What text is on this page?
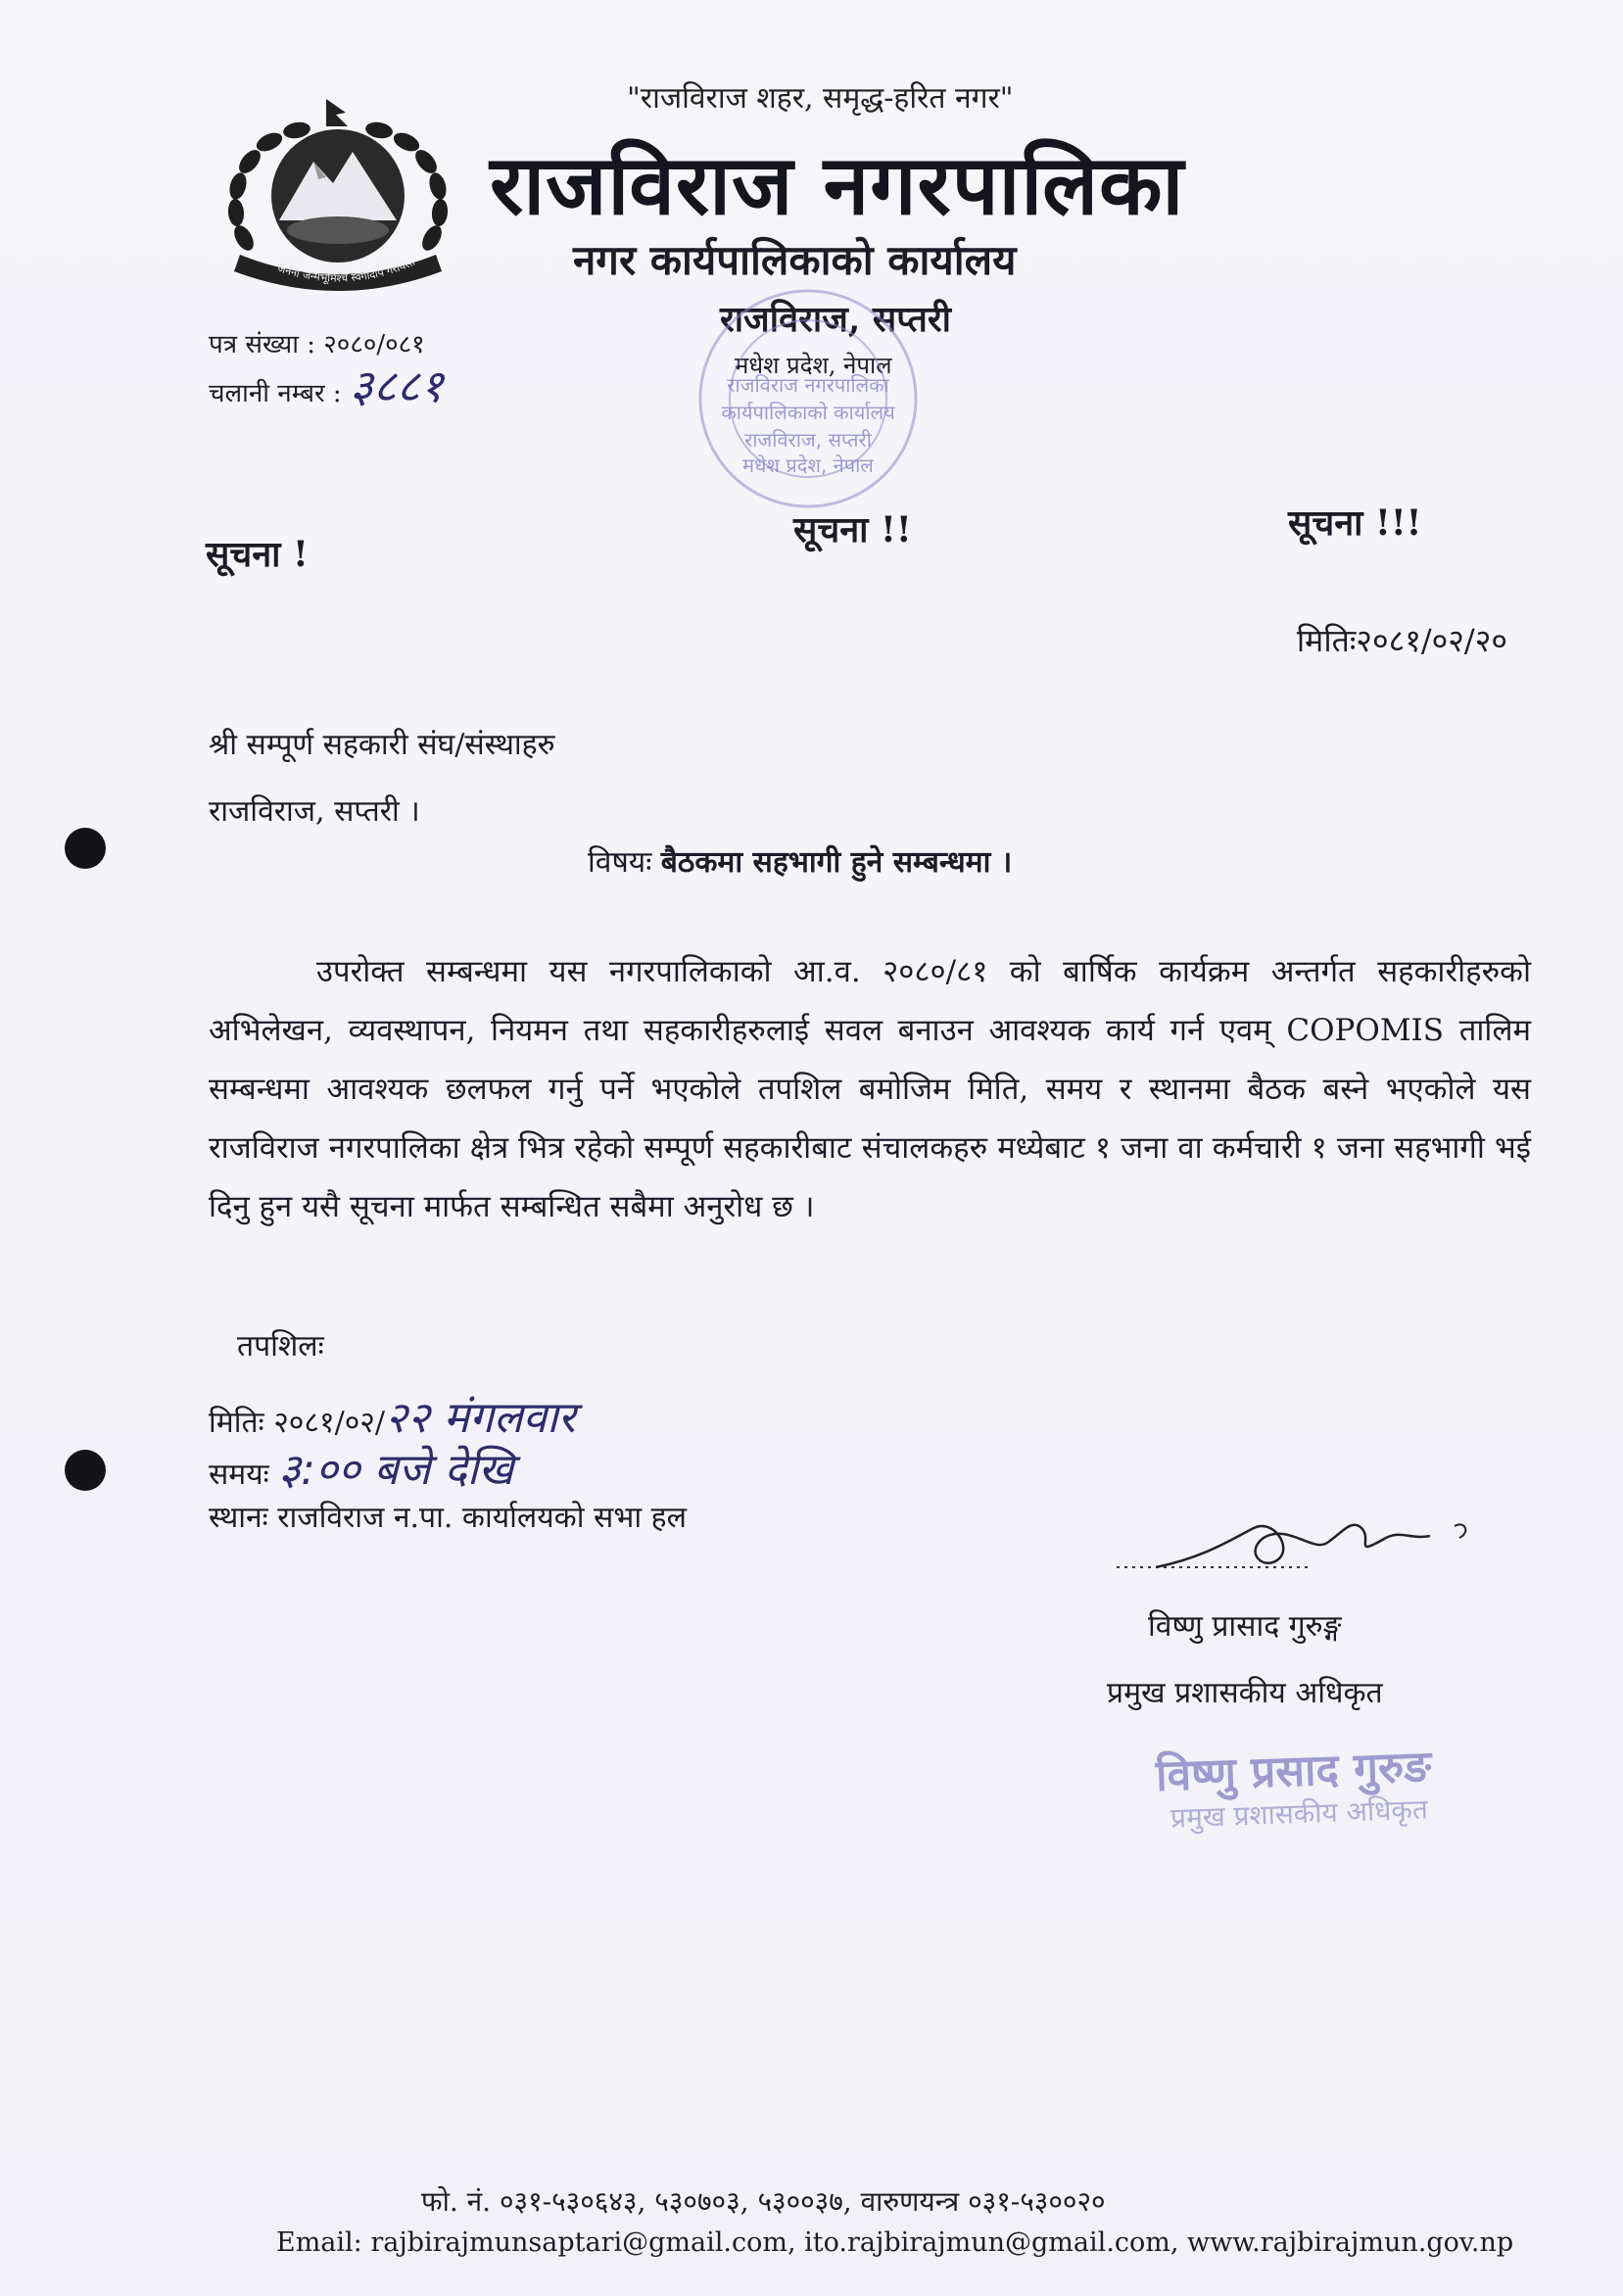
जननी जन्मभूमिश्च स्वर्गादपि गरीयसी
"राजविराज शहर, समृद्ध-हरित नगर"
राजविराज नगरपालिका
नगर कार्यपालिकाको कार्यालय
राजविराज, सप्तरी
मधेश प्रदेश, नेपाल
राजविराज नगरपालिका
कार्यपालिकाको कार्यालय
राजविराज, सप्तरी
मधेश प्रदेश, नेपाल
पत्र संख्या : २०८०/०८१
चलानी नम्बर : ३८८१
सूचना !
सूचना !!	सूचना !!!
मितिः२०८१/०२/२०
श्री सम्पूर्ण सहकारी संघ/संस्थाहरु
राजविराज, सप्तरी ।
विषयः बैठकमा सहभागी हुने सम्बन्धमा ।
उपरोक्त सम्बन्धमा यस नगरपालिकाको आ.व. २०८०/८१ को बार्षिक कार्यक्रम अन्तर्गत सहकारीहरुको अभिलेखन, व्यवस्थापन, नियमन तथा सहकारीहरुलाई सवल बनाउन आवश्यक कार्य गर्न एवम् COPOMIS तालिम सम्बन्धमा आवश्यक छलफल गर्नु पर्ने भएकोले तपशिल बमोजिम मिति, समय र स्थानमा बैठक बस्ने भएकोले यस राजविराज नगरपालिका क्षेत्र भित्र रहेको सम्पूर्ण सहकारीबाट संचालकहरु मध्येबाट १ जना वा कर्मचारी १ जना सहभागी भई दिनु हुन यसै सूचना मार्फत सम्बन्धित सबैमा अनुरोध छ ।
तपशिलः
मितिः २०८१/०२/२२ मंगलवार
समयः ३:०० बजे देखि
स्थानः राजविराज न.पा. कार्यालयको सभा हल
विष्णु प्रासाद गुरुङ्ग
प्रमुख प्रशासकीय अधिकृत
विष्णु प्रसाद गुरुङ
प्रमुख प्रशासकीय अधिकृत
फो. नं. ०३१-५३०६४३, ५३०७०३, ५३००३७, वारुणयन्त्र ०३१-५३००२०
Email: rajbirajmunsaptari@gmail.com, ito.rajbirajmun@gmail.com, www.rajbirajmun.gov.np
